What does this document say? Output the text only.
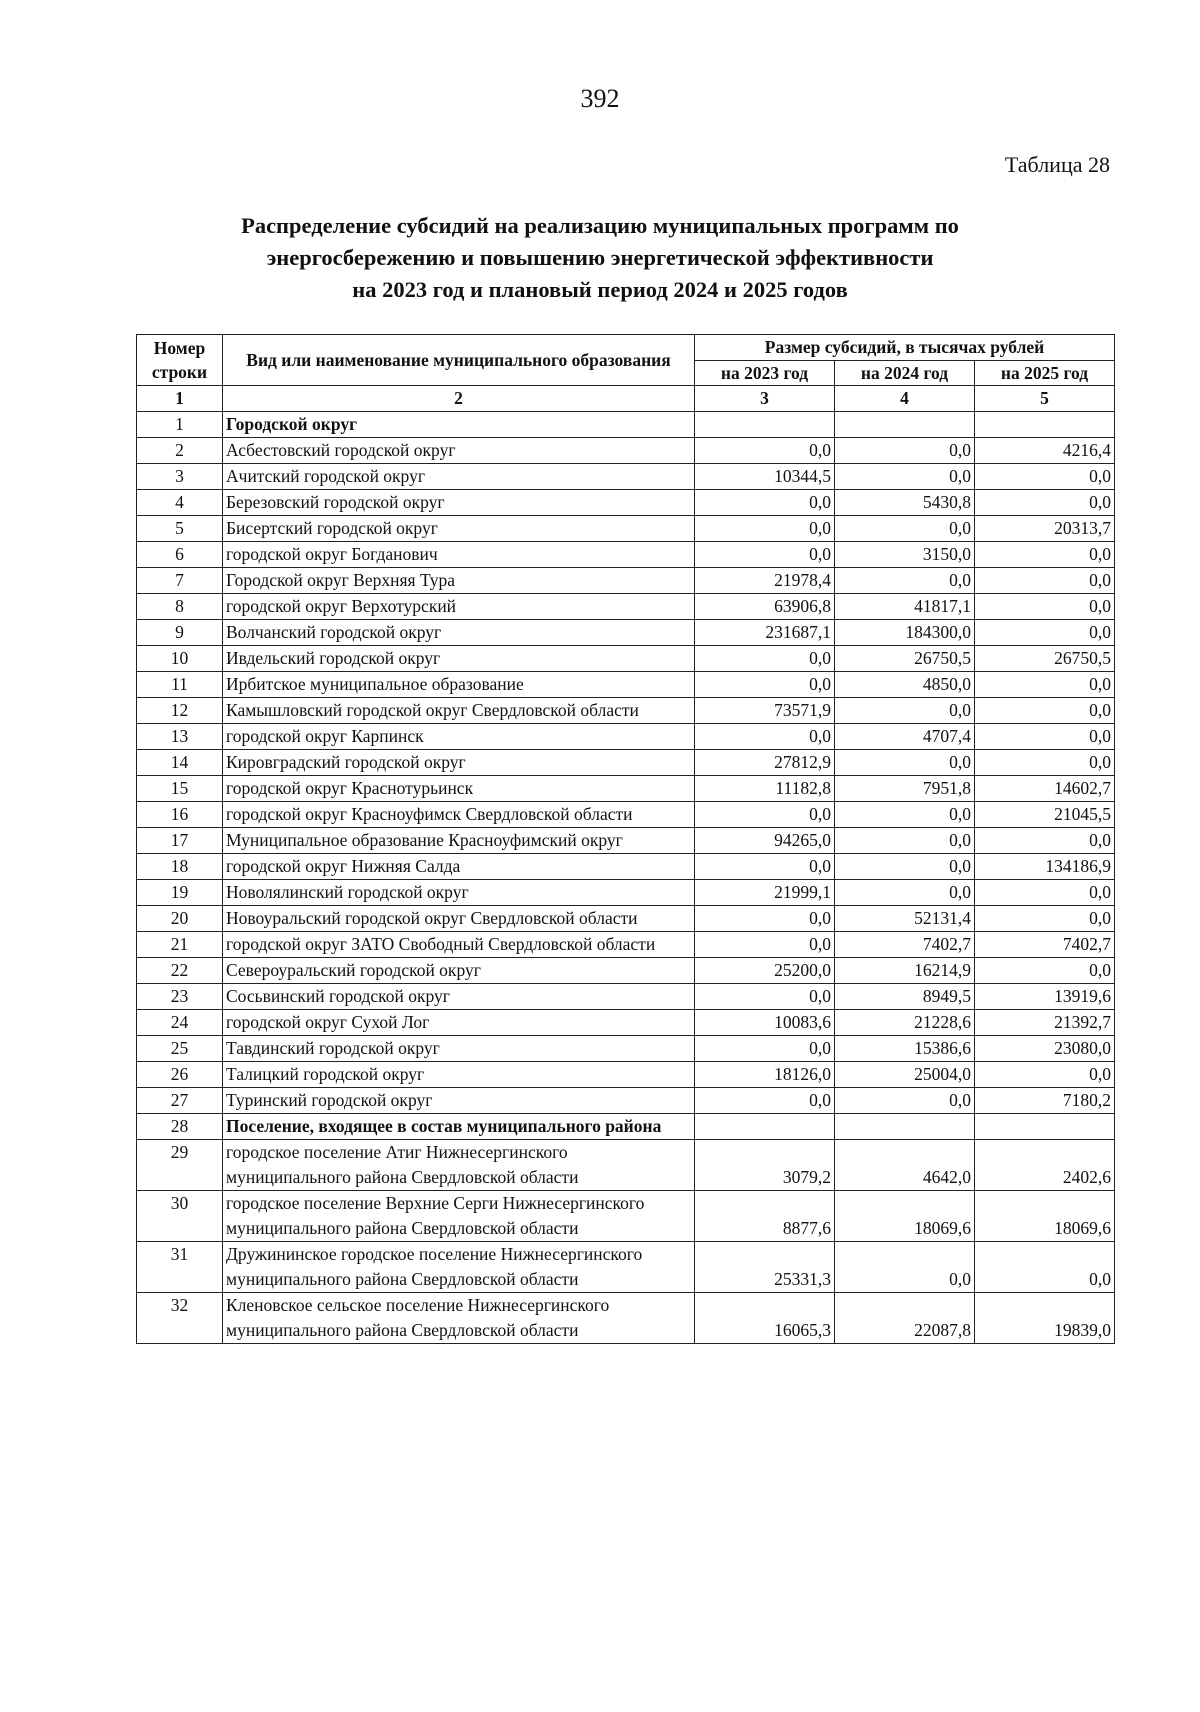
392
Таблица 28
Распределение субсидий на реализацию муниципальных программ по
энергосбережению и повышению энергетической эффективности
на 2023 год и плановый период 2024 и 2025 годов
Номер строки	Вид или наименование муниципального образования	Размер субсидий, в тысячах рублей		
		на 2023 год	на 2024 год	на 2025 год
1	2	3	4	5
1	Городской округ			
2	Асбестовский городской округ	0,0	0,0	4216,4
3	Ачитский городской округ	10344,5	0,0	0,0
4	Березовский городской округ	0,0	5430,8	0,0
5	Бисертский городской округ	0,0	0,0	20313,7
6	городской округ Богданович	0,0	3150,0	0,0
7	Городской округ Верхняя Тура	21978,4	0,0	0,0
8	городской округ Верхотурский	63906,8	41817,1	0,0
9	Волчанский городской округ	231687,1	184300,0	0,0
10	Ивдельский городской округ	0,0	26750,5	26750,5
11	Ирбитское муниципальное образование	0,0	4850,0	0,0
12	Камышловский городской округ Свердловской области	73571,9	0,0	0,0
13	городской округ Карпинск	0,0	4707,4	0,0
14	Кировградский городской округ	27812,9	0,0	0,0
15	городской округ Краснотурьинск	11182,8	7951,8	14602,7
16	городской округ Красноуфимск Свердловской области	0,0	0,0	21045,5
17	Муниципальное образование Красноуфимский округ	94265,0	0,0	0,0
18	городской округ Нижняя Салда	0,0	0,0	134186,9
19	Новолялинский городской округ	21999,1	0,0	0,0
20	Новоуральский городской округ Свердловской области	0,0	52131,4	0,0
21	городской округ ЗАТО Свободный Свердловской области	0,0	7402,7	7402,7
22	Североуральский городской округ	25200,0	16214,9	0,0
23	Сосьвинский городской округ	0,0	8949,5	13919,6
24	городской округ Сухой Лог	10083,6	21228,6	21392,7
25	Тавдинский городской округ	0,0	15386,6	23080,0
26	Талицкий городской округ	18126,0	25004,0	0,0
27	Туринский городской округ	0,0	0,0	7180,2
28	Поселение, входящее в состав муниципального района			
29	городское поселение Атиг Нижнесергинского муниципального района Свердловской области	3079,2	4642,0	2402,6
30	городское поселение Верхние Серги Нижнесергинского муниципального района Свердловской области	8877,6	18069,6	18069,6
31	Дружининское городское поселение Нижнесергинского муниципального района Свердловской области	25331,3	0,0	0,0
32	Кленовское сельское поселение Нижнесергинского муниципального района Свердловской области	16065,3	22087,8	19839,0
